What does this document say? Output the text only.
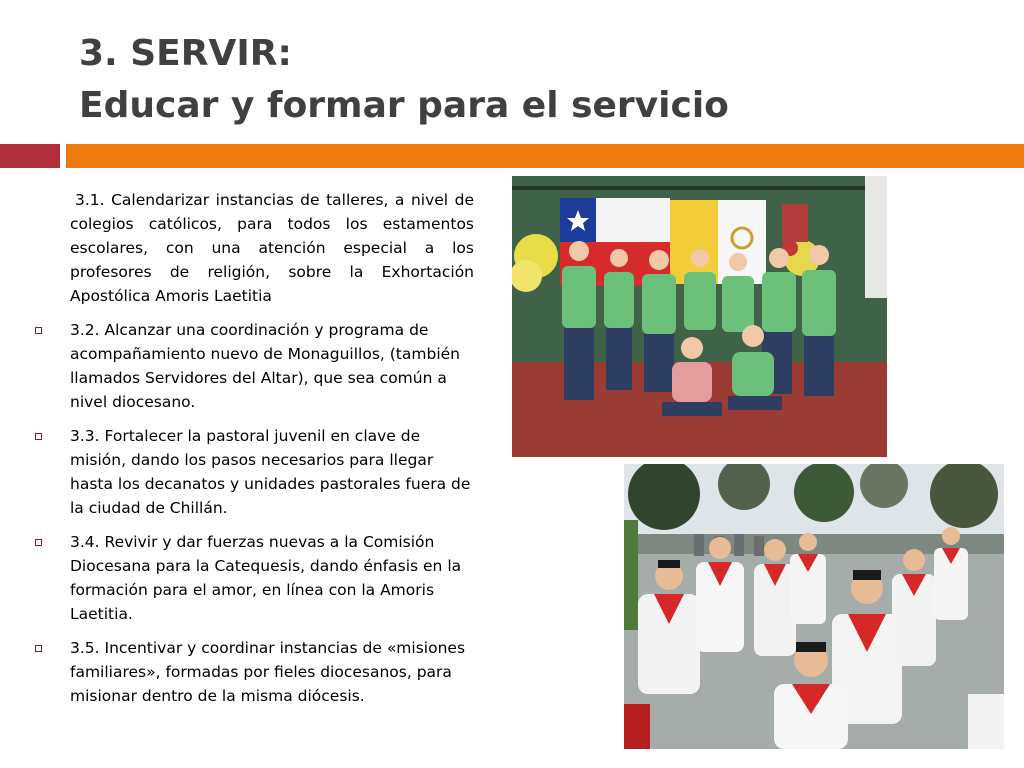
3. SERVIR:
Educar y formar para el servicio
3.1. Calendarizar instancias de talleres, a nivel de colegios católicos, para todos los estamentos escolares, con una atención especial a los profesores de religión, sobre la Exhortación Apostólica Amoris Laetitia
3.2. Alcanzar una coordinación y programa de acompañamiento nuevo de Monaguillos, (también llamados Servidores del Altar), que sea común a nivel diocesano.
3.3. Fortalecer la pastoral juvenil en clave de misión, dando los pasos necesarios para llegar hasta los decanatos y unidades pastorales fuera de la ciudad de Chillán.
3.4. Revivir y dar fuerzas nuevas a la Comisión Diocesana para la Catequesis, dando énfasis en la formación para el amor, en línea con la Amoris Laetitia.
3.5. Incentivar y coordinar instancias de «misiones familiares», formadas por fieles diocesanos, para misionar dentro de la misma diócesis.
